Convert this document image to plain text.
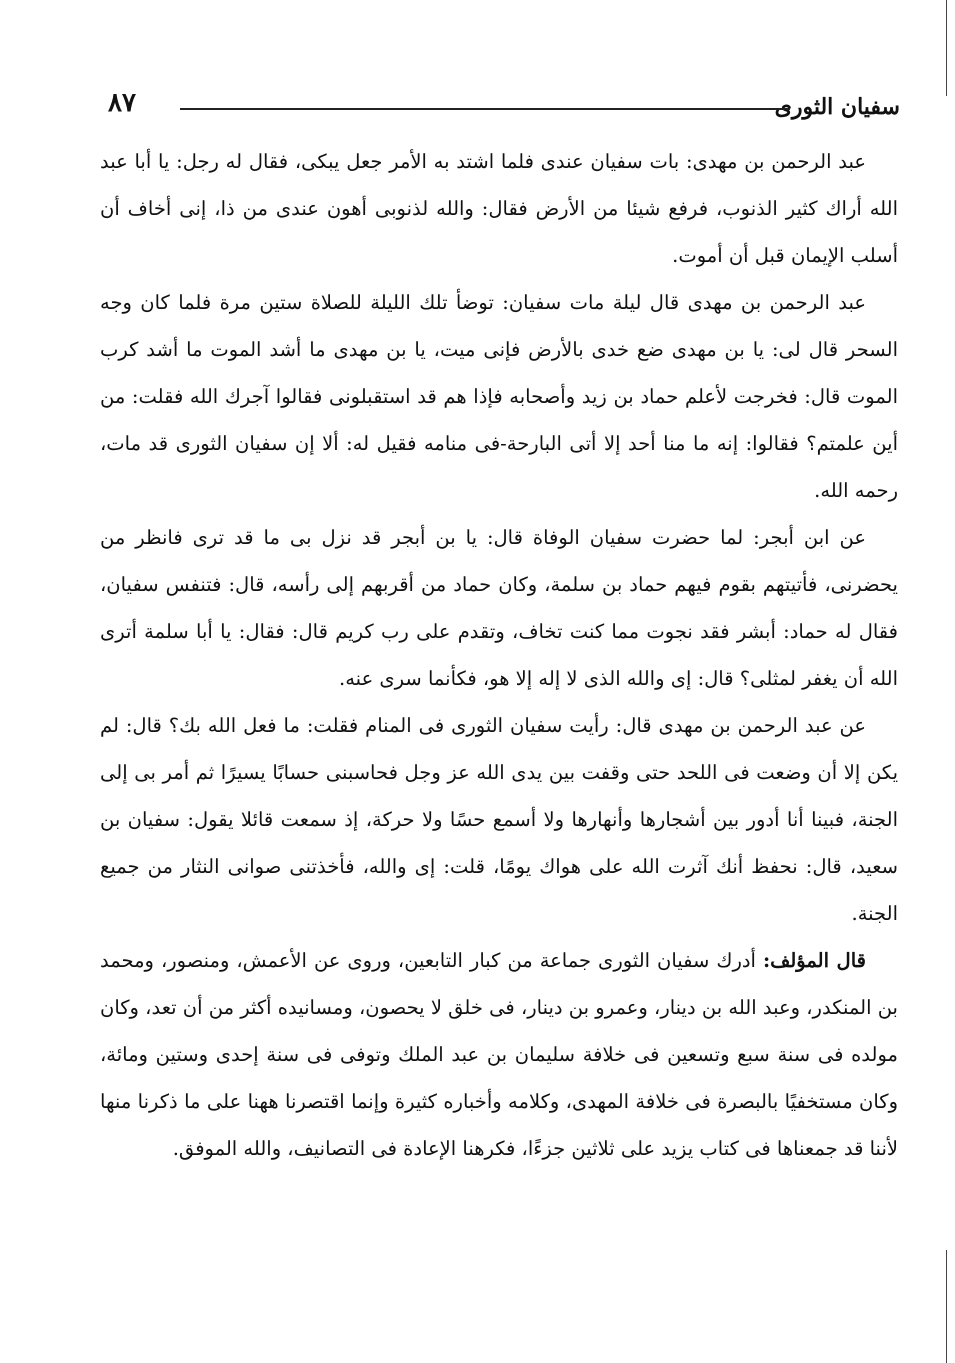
سفيان الثورى
٨٧

عبد الرحمن بن مهدى: بات سفيان عندى فلما اشتد به الأمر جعل يبكى، فقال له رجل: يا أبا عبد الله أراك كثير الذنوب، فرفع شيئا من الأرض فقال: والله لذنوبى أهون عندى من ذا، إنى أخاف أن أسلب الإيمان قبل أن أموت.

عبد الرحمن بن مهدى قال ليلة مات سفيان: توضأ تلك الليلة للصلاة ستين مرة فلما كان وجه السحر قال لى: يا بن مهدى ضع خدى بالأرض فإنى ميت، يا بن مهدى ما أشد الموت ما أشد كرب الموت قال: فخرجت لأعلم حماد بن زيد وأصحابه فإذا هم قد استقبلونى فقالوا آجرك الله فقلت: من أين علمتم؟ فقالوا: إنه ما منا أحد إلا أتى البارحة-فى منامه فقيل له: ألا إن سفيان الثورى قد مات، رحمه الله.

عن ابن أبجر: لما حضرت سفيان الوفاة قال: يا بن أبجر قد نزل بى ما قد ترى فانظر من يحضرنى، فأتيتهم بقوم فيهم حماد بن سلمة، وكان حماد من أقربهم إلى رأسه، قال: فتنفس سفيان، فقال له حماد: أبشر فقد نجوت مما كنت تخاف، وتقدم على رب كريم قال: فقال: يا أبا سلمة أترى الله أن يغفر لمثلى؟ قال: إى والله الذى لا إله إلا هو، فكأنما سرى عنه.

عن عبد الرحمن بن مهدى قال: رأيت سفيان الثورى فى المنام فقلت: ما فعل الله بك؟ قال: لم يكن إلا أن وضعت فى اللحد حتى وقفت بين يدى الله عز وجل فحاسبنى حسابًا يسيرًا ثم أمر بى إلى الجنة، فبينا أنا أدور بين أشجارها وأنهارها ولا أسمع حسًا ولا حركة، إذ سمعت قائلا يقول: سفيان بن سعيد، قال: نحفظ أنك آثرت الله على هواك يومًا، قلت: إى والله، فأخذتنى صوانى النثار من جميع الجنة.

قال المؤلف: أدرك سفيان الثورى جماعة من كبار التابعين، وروى عن الأعمش، ومنصور، ومحمد بن المنكدر، وعبد الله بن دينار، وعمرو بن دينار، فى خلق لا يحصون، ومسانيده أكثر من أن تعد، وكان مولده فى سنة سبع وتسعين فى خلافة سليمان بن عبد الملك وتوفى فى سنة إحدى وستين ومائة، وكان مستخفيًا بالبصرة فى خلافة المهدى، وكلامه وأخباره كثيرة وإنما اقتصرنا ههنا على ما ذكرنا منها لأننا قد جمعناها فى كتاب يزيد على ثلاثين جزءًا، فكرهنا الإعادة فى التصانيف، والله الموفق.
